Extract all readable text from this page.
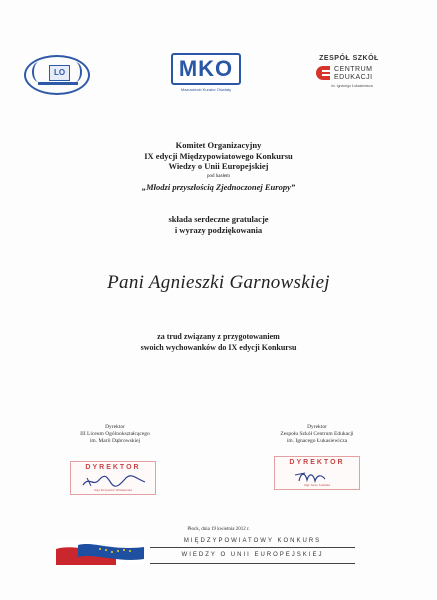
LO	MKO
Mazowiecki Kurator Oświaty
ZESPÓŁ SZKÓŁ
CENTRUM
EDUKACJI
im. Ignacego Łukasiewicza
Komitet Organizacyjny
IX edycji Międzypowiatowego Konkursu
Wiedzy o Unii Europejskiej
pod hasłem
„Młodzi przyszłością Zjednoczonej Europy”
składa serdeczne gratulacje
i wyrazy podziękowania
Pani Agnieszki Garnowskiej
za trud związany z przygotowaniem
swoich wychowanków do IX edycji Konkursu
Dyrektor
III Liceum Ogólnokształcącego
im. Marii Dąbrowskiej
DYREKTOR
mgr Krzysztof Wiśniewski
Dyrektor
Zespołu Szkół Centrum Edukacji
im. Ignacego Łukasiewicza
DYREKTOR
mgr Jerzy Jasiński
Płock, dnia 19 kwietnia 2012 r.
MIĘDZYPOWIATOWY KONKURS
WIEDZY O UNII EUROPEJSKIEJ
